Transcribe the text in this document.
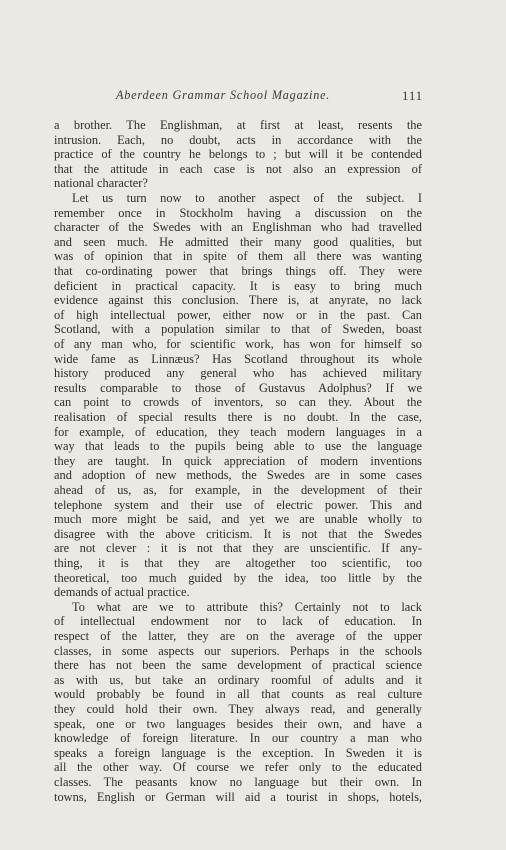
Aberdeen Grammar School Magazine.	111
a brother. The Englishman, at first at least, resents the
intrusion. Each, no doubt, acts in accordance with the
practice of the country he belongs to ; but will it be contended
that the attitude in each case is not also an expression of
national character?
Let us turn now to another aspect of the subject. I
remember once in Stockholm having a discussion on the
character of the Swedes with an Englishman who had travelled
and seen much. He admitted their many good qualities, but
was of opinion that in spite of them all there was wanting
that co-ordinating power that brings things off. They were
deficient in practical capacity. It is easy to bring much
evidence against this conclusion. There is, at anyrate, no lack
of high intellectual power, either now or in the past. Can
Scotland, with a population similar to that of Sweden, boast
of any man who, for scientific work, has won for himself so
wide fame as Linnæus? Has Scotland throughout its whole
history produced any general who has achieved military
results comparable to those of Gustavus Adolphus? If we
can point to crowds of inventors, so can they. About the
realisation of special results there is no doubt. In the case,
for example, of education, they teach modern languages in a
way that leads to the pupils being able to use the language
they are taught. In quick appreciation of modern inventions
and adoption of new methods, the Swedes are in some cases
ahead of us, as, for example, in the development of their
telephone system and their use of electric power. This and
much more might be said, and yet we are unable wholly to
disagree with the above criticism. It is not that the Swedes
are not clever : it is not that they are unscientific. If any-
thing, it is that they are altogether too scientific, too
theoretical, too much guided by the idea, too little by the
demands of actual practice.
To what are we to attribute this? Certainly not to lack
of intellectual endowment nor to lack of education. In
respect of the latter, they are on the average of the upper
classes, in some aspects our superiors. Perhaps in the schools
there has not been the same development of practical science
as with us, but take an ordinary roomful of adults and it
would probably be found in all that counts as real culture
they could hold their own. They always read, and generally
speak, one or two languages besides their own, and have a
knowledge of foreign literature. In our country a man who
speaks a foreign language is the exception. In Sweden it is
all the other way. Of course we refer only to the educated
classes. The peasants know no language but their own. In
towns, English or German will aid a tourist in shops, hotels,
